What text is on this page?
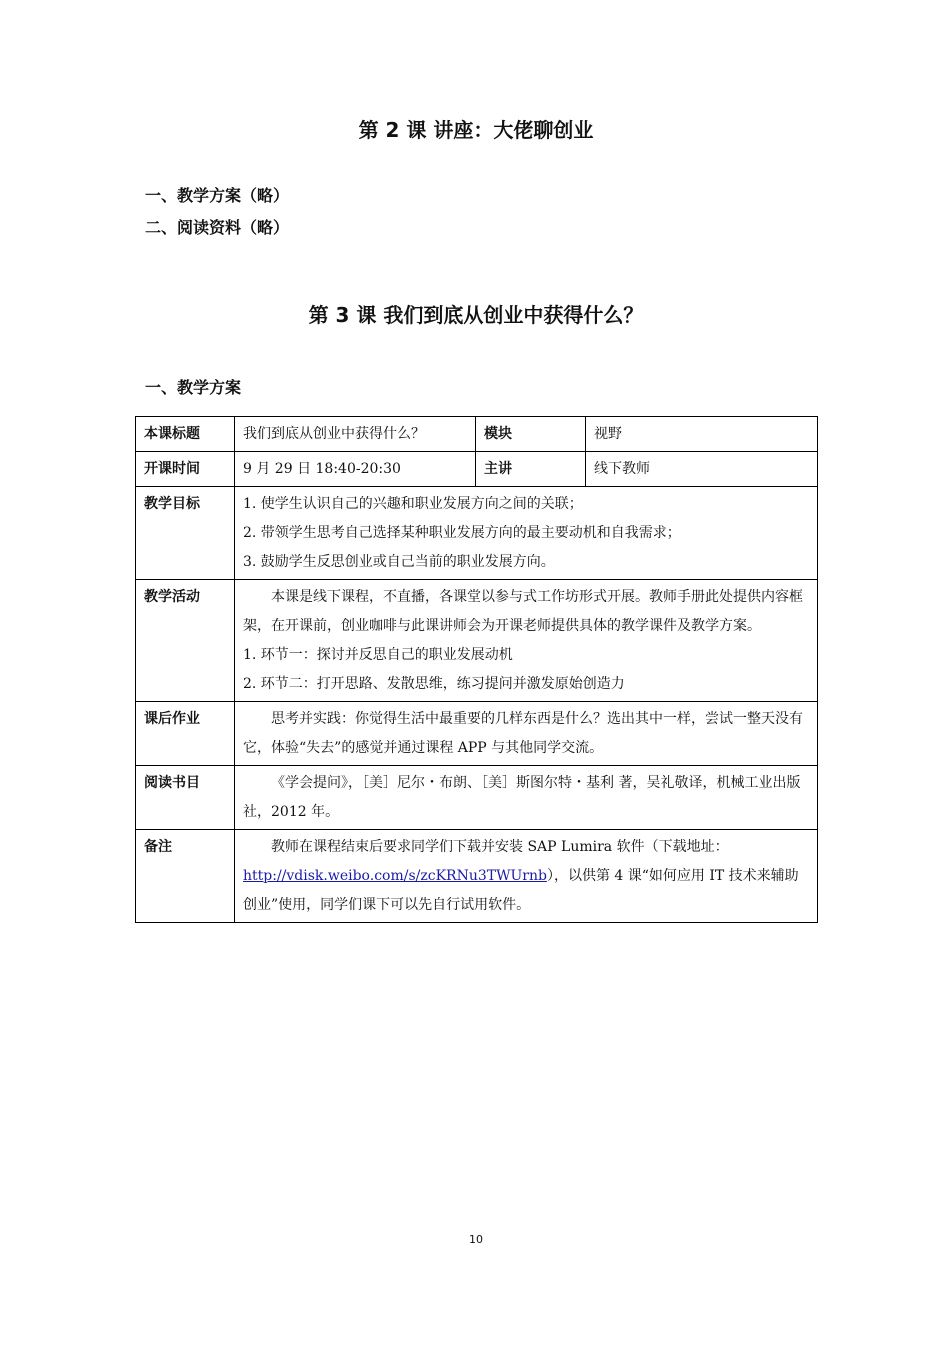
第 2 课 讲座：大佬聊创业

一、教学方案（略）

二、阅读资料（略）

第 3 课 我们到底从创业中获得什么？

一、教学方案

本课标题	我们到底从创业中获得什么？	模块	视野
开课时间	9 月 29 日 18:40-20:30	主讲	线下教师
教学目标	1. 使学生认识自己的兴趣和职业发展方向之间的关联；

2. 带领学生思考自己选择某种职业发展方向的最主要动机和自我需求；

3. 鼓励学生反思创业或自己当前的职业发展方向。		

教学活动	本课是线下课程，不直播，各课堂以参与式工作坊形式开展。教师手册此处提供内容框架，在开课前，创业咖啡与此课讲师会为开课老师提供具体的教学课件及教学方案。

1. 环节一：探讨并反思自己的职业发展动机

2. 环节二：打开思路、发散思维，练习提问并激发原始创造力		

课后作业	思考并实践：你觉得生活中最重要的几样东西是什么？选出其中一样，尝试一整天没有它，体验“失去”的感觉并通过课程 APP 与其他同学交流。		

阅读书目	《学会提问》，［美］尼尔・布朗、［美］斯图尔特・基利 著，吴礼敬译，机械工业出版社，2012 年。		

备注	教师在课程结束后要求同学们下载并安装 SAP Lumira 软件（下载地址：http://vdisk.weibo.com/s/zcKRNu3TWUrnb），以供第 4 课“如何应用 IT 技术来辅助创业”使用，同学们课下可以先自行试用软件。		

10
